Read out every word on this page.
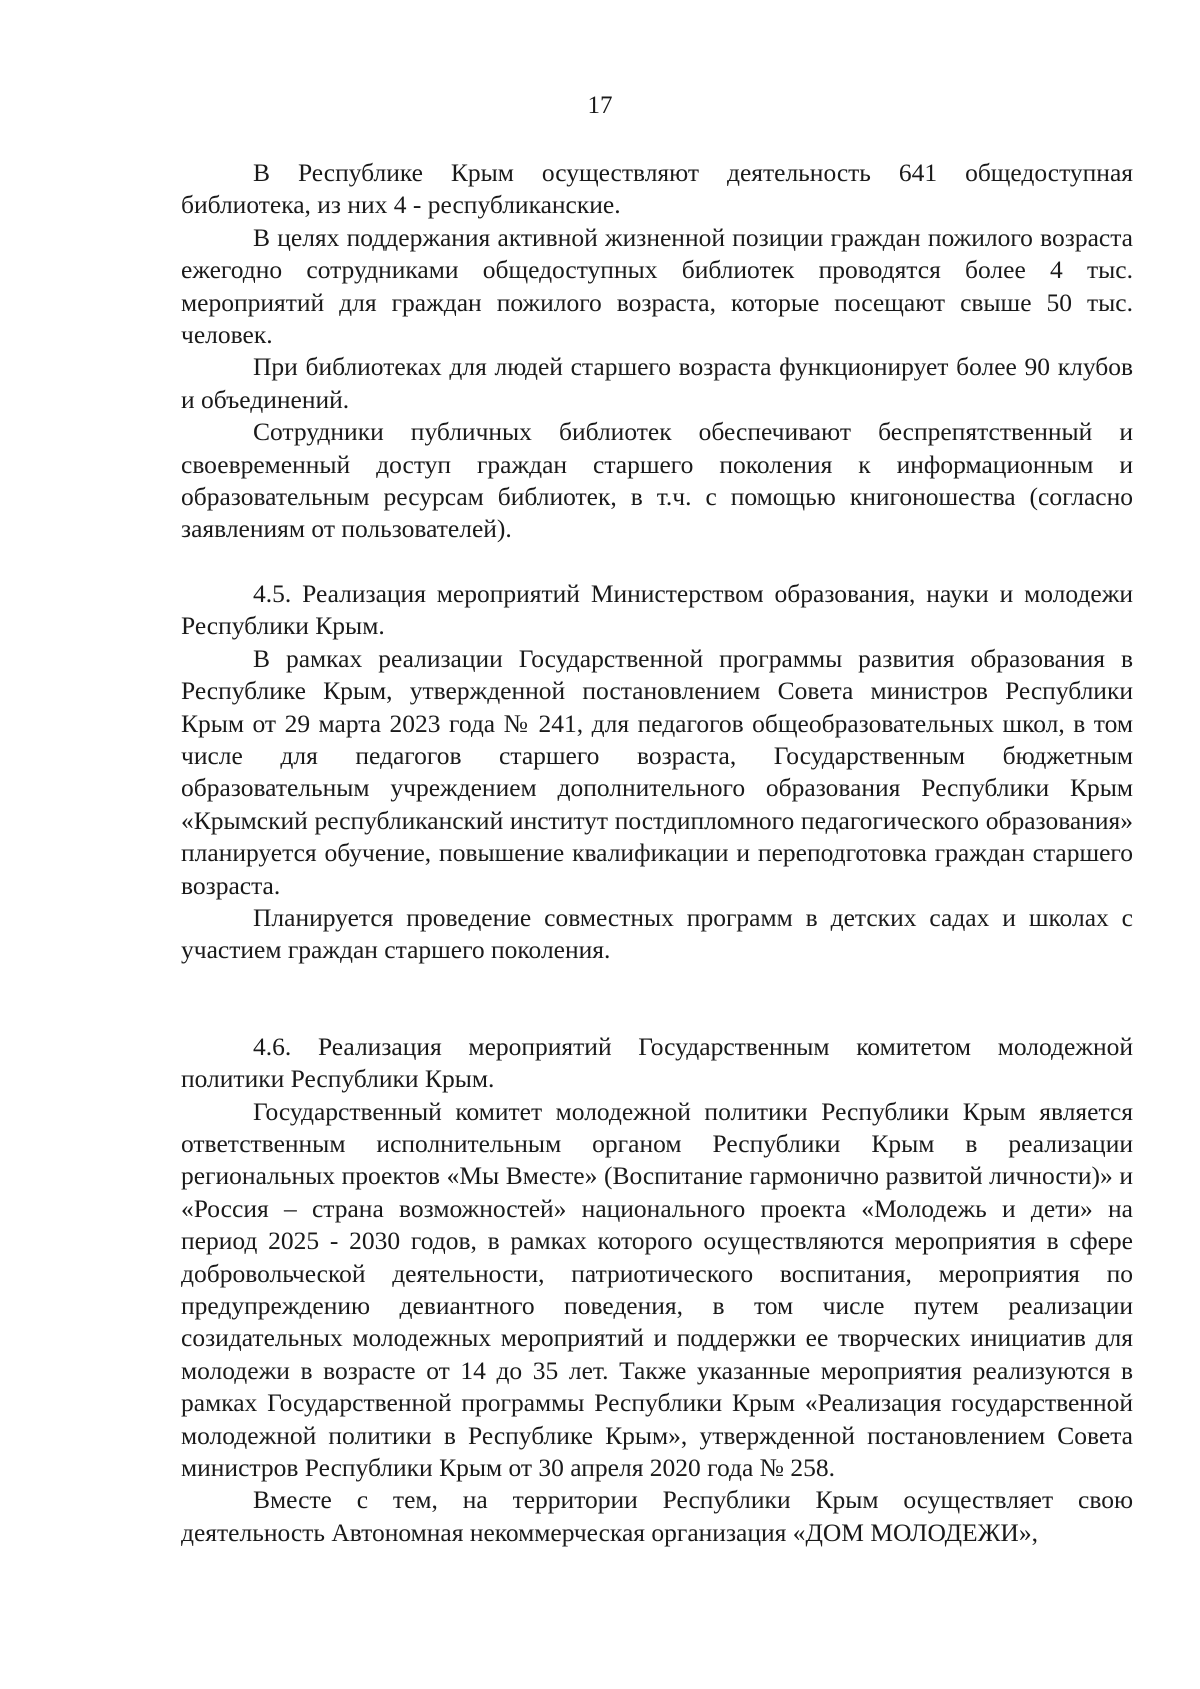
17

В Республике Крым осуществляют деятельность 641 общедоступная библиотека, из них 4 - республиканские.

В целях поддержания активной жизненной позиции граждан пожилого возраста ежегодно сотрудниками общедоступных библиотек проводятся более 4 тыс. мероприятий для граждан пожилого возраста, которые посещают свыше 50 тыс. человек.

При библиотеках для людей старшего возраста функционирует более 90 клубов и объединений.

Сотрудники публичных библиотек обеспечивают беспрепятственный и своевременный доступ граждан старшего поколения к информационным и образовательным ресурсам библиотек, в т.ч. с помощью книгоношества (согласно заявлениям от пользователей).

4.5. Реализация мероприятий Министерством образования, науки и молодежи Республики Крым.

В рамках реализации Государственной программы развития образования в Республике Крым, утвержденной постановлением Совета министров Республики Крым от 29 марта 2023 года № 241, для педагогов общеобразовательных школ, в том числе для педагогов старшего возраста, Государственным бюджетным образовательным учреждением дополнительного образования Республики Крым «Крымский республиканский институт постдипломного педагогического образования» планируется обучение, повышение квалификации и переподготовка граждан старшего возраста.

Планируется проведение совместных программ в детских садах и школах с участием граждан старшего поколения.

4.6. Реализация мероприятий Государственным комитетом молодежной политики Республики Крым.

Государственный комитет молодежной политики Республики Крым является ответственным исполнительным органом Республики Крым в реализации региональных проектов «Мы Вместе» (Воспитание гармонично развитой личности)» и «Россия – страна возможностей» национального проекта «Молодежь и дети» на период 2025 - 2030 годов, в рамках которого осуществляются мероприятия в сфере добровольческой деятельности, патриотического воспитания, мероприятия по предупреждению девиантного поведения, в том числе путем реализации созидательных молодежных мероприятий и поддержки ее творческих инициатив для молодежи в возрасте от 14 до 35 лет. Также указанные мероприятия реализуются в рамках Государственной программы Республики Крым «Реализация государственной молодежной политики в Республике Крым», утвержденной постановлением Совета министров Республики Крым от 30 апреля 2020 года № 258.

Вместе с тем, на территории Республики Крым осуществляет свою деятельность Автономная некоммерческая организация «ДОМ МОЛОДЕЖИ»,
